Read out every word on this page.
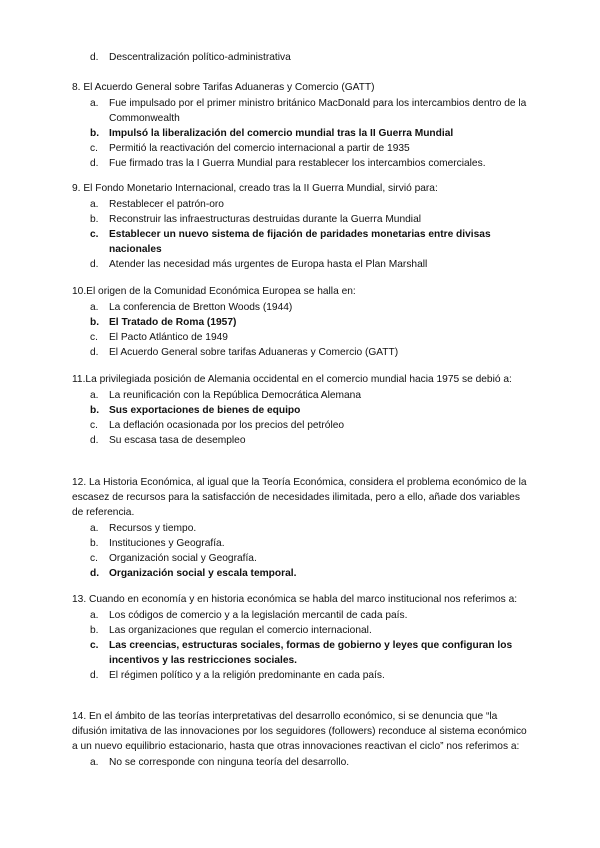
d. Descentralización político-administrativa

8. El Acuerdo General sobre Tarifas Aduaneras y Comercio (GATT)

a. Fue impulsado por el primer ministro británico MacDonald para los intercambios dentro de la Commonwealth
b. Impulsó la liberalización del comercio mundial tras la II Guerra Mundial
c. Permitió la reactivación del comercio internacional a partir de 1935
d. Fue firmado tras la I Guerra Mundial para restablecer los intercambios comerciales.

9. El Fondo Monetario Internacional, creado tras la II Guerra Mundial, sirvió para:

a. Restablecer el patrón-oro
b. Reconstruir las infraestructuras destruidas durante la Guerra Mundial
c. Establecer un nuevo sistema de fijación de paridades monetarias entre divisas nacionales
d. Atender las necesidad más urgentes de Europa hasta el Plan Marshall

10.El origen de la Comunidad Económica Europea se halla en:

a. La conferencia de Bretton Woods (1944)
b. El Tratado de Roma (1957)
c. El Pacto Atlántico de 1949
d. El Acuerdo General sobre tarifas Aduaneras y Comercio (GATT)

11.La privilegiada posición de Alemania occidental en el comercio mundial hacia 1975 se debió a:

a. La reunificación con la República Democrática Alemana
b. Sus exportaciones de bienes de equipo
c. La deflación ocasionada por los precios del petróleo
d. Su escasa tasa de desempleo

12. La Historia Económica, al igual que la Teoría Económica, considera el problema económico de la escasez de recursos para la satisfacción de necesidades ilimitada, pero a ello, añade dos variables de referencia.

a. Recursos y tiempo.
b. Instituciones y Geografía.
c. Organización social y Geografía.
d. Organización social y escala temporal.

13. Cuando en economía y en historia económica se habla del marco institucional nos referimos a:

a. Los códigos de comercio y a la legislación mercantil de cada país.
b. Las organizaciones que regulan el comercio internacional.
c. Las creencias, estructuras sociales, formas de gobierno y leyes que configuran los incentivos y las restricciones sociales.
d. El régimen político y a la religión predominante en cada país.

14. En el ámbito de las teorías interpretativas del desarrollo económico, si se denuncia que “la difusión imitativa de las innovaciones por los seguidores (followers) reconduce al sistema económico a un nuevo equilibrio estacionario, hasta que otras innovaciones reactivan el ciclo” nos referimos a:

a. No se corresponde con ninguna teoría del desarrollo.
